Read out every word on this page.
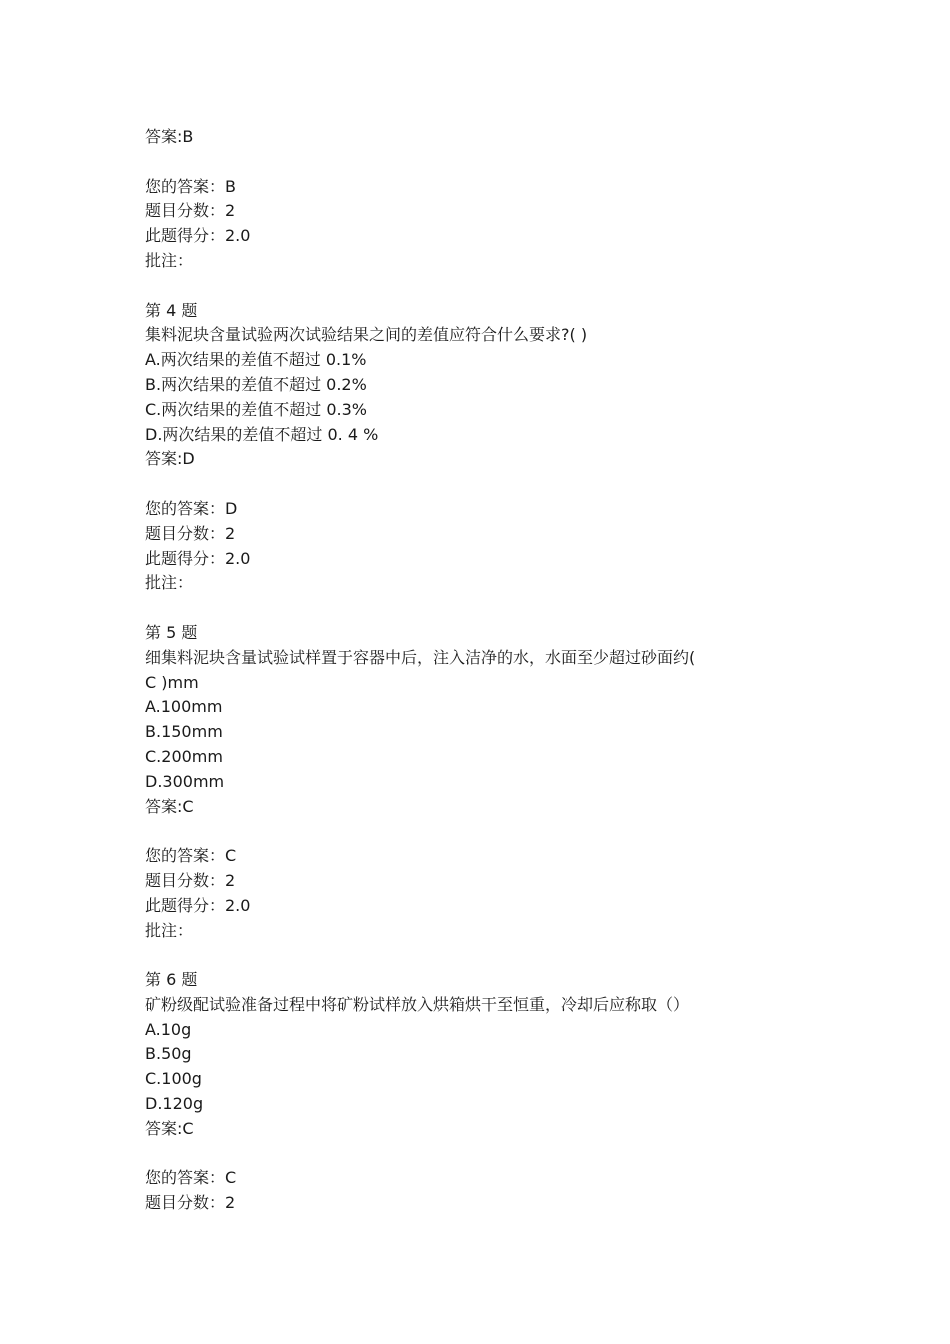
答案:B
您的答案：B
题目分数：2
此题得分：2.0
批注：
第 4 题
集料泥块含量试验两次试验结果之间的差值应符合什么要求?( )
A.两次结果的差值不超过 0.1%
B.两次结果的差值不超过 0.2%
C.两次结果的差值不超过 0.3%
D.两次结果的差值不超过 0. 4 %
答案:D
您的答案：D
题目分数：2
此题得分：2.0
批注：
第 5 题
细集料泥块含量试验试样置于容器中后，注入洁净的水，水面至少超过砂面约(
C )mm
A.100mm
B.150mm
C.200mm
D.300mm
答案:C
您的答案：C
题目分数：2
此题得分：2.0
批注：
第 6 题
矿粉级配试验准备过程中将矿粉试样放入烘箱烘干至恒重，冷却后应称取（）
A.10g
B.50g
C.100g
D.120g
答案:C
您的答案：C
题目分数：2
